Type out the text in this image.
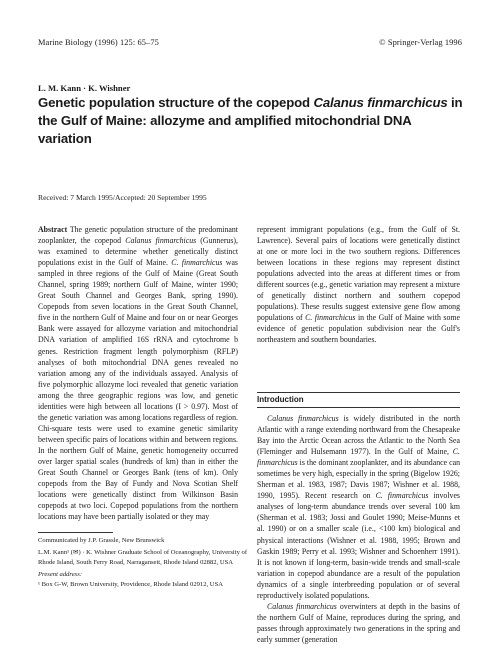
Marine Biology (1996) 125: 65–75	© Springer-Verlag 1996
L. M. Kann · K. Wishner
Genetic population structure of the copepod Calanus finmarchicus in the Gulf of Maine: allozyme and amplified mitochondrial DNA variation
Received: 7 March 1995/Accepted: 20 September 1995

Abstract The genetic population structure of the predominant zooplankter, the copepod Calanus finmarchicus (Gunnerus), was examined to determine whether genetically distinct populations exist in the Gulf of Maine. C. finmarchicus was sampled in three regions of the Gulf of Maine (Great South Channel, spring 1989; northern Gulf of Maine, winter 1990; Great South Channel and Georges Bank, spring 1990). Copepods from seven locations in the Great South Channel, five in the northern Gulf of Maine and four on or near Georges Bank were assayed for allozyme variation and mitochondrial DNA variation of amplified 16S rRNA and cytochrome b genes. Restriction fragment length polymorphism (RFLP) analyses of both mitochondrial DNA genes revealed no variation among any of the individuals assayed. Analysis of five polymorphic allozyme loci revealed that genetic variation among the three geographic regions was low, and genetic identities were high between all locations (I > 0.97). Most of the genetic variation was among locations regardless of region. Chi-square tests were used to examine genetic similarity between specific pairs of locations within and between regions. In the northern Gulf of Maine, genetic homogeneity occurred over larger spatial scales (hundreds of km) than in either the Great South Channel or Georges Bank (tens of km). Only copepods from the Bay of Fundy and Nova Scotian Shelf locations were genetically distinct from Wilkinson Basin copepods at two loci. Copepod populations from the northern locations may have been partially isolated or they may

Communicated by J.P. Grassle, New Brunswick

L.M. Kann¹ (✉) · K. Wishner Graduate School of Oceanography, University of Rhode Island, South Ferry Road, Narragansett, Rhode Island 02882, USA

Present address:
¹ Box G-W, Brown University, Providence, Rhode Island 02912, USA

represent immigrant populations (e.g., from the Gulf of St. Lawrence). Several pairs of locations were genetically distinct at one or more loci in the two southern regions. Differences between locations in these regions may represent distinct populations advected into the areas at different times or from different sources (e.g., genetic variation may represent a mixture of genetically distinct northern and southern copepod populations). These results suggest extensive gene flow among populations of C. finmarchicus in the Gulf of Maine with some evidence of genetic population subdivision near the Gulf's northeastern and southern boundaries.

Introduction

Calanus finmarchicus is widely distributed in the north Atlantic with a range extending northward from the Chesapeake Bay into the Arctic Ocean across the Atlantic to the North Sea (Fleminger and Hulsemann 1977). In the Gulf of Maine, C. finmarchicus is the dominant zooplankter, and its abundance can sometimes be very high, especially in the spring (Bigelow 1926; Sherman et al. 1983, 1987; Davis 1987; Wishner et al. 1988, 1990, 1995). Recent research on C. finmarchicus involves analyses of long-term abundance trends over several 100 km (Sherman et al. 1983; Jossi and Goulet 1990; Meise-Munns et al. 1990) or on a smaller scale (i.e., <100 km) biological and physical interactions (Wishner et al. 1988, 1995; Brown and Gaskin 1989; Perry et al. 1993; Wishner and Schoenherr 1991). It is not known if long-term, basin-wide trends and small-scale variation in copepod abundance are a result of the population dynamics of a single interbreeding population or of several reproductively isolated populations.

Calanus finmarchicus overwinters at depth in the basins of the northern Gulf of Maine, reproduces during the spring, and passes through approximately two generations in the spring and early summer (generation
